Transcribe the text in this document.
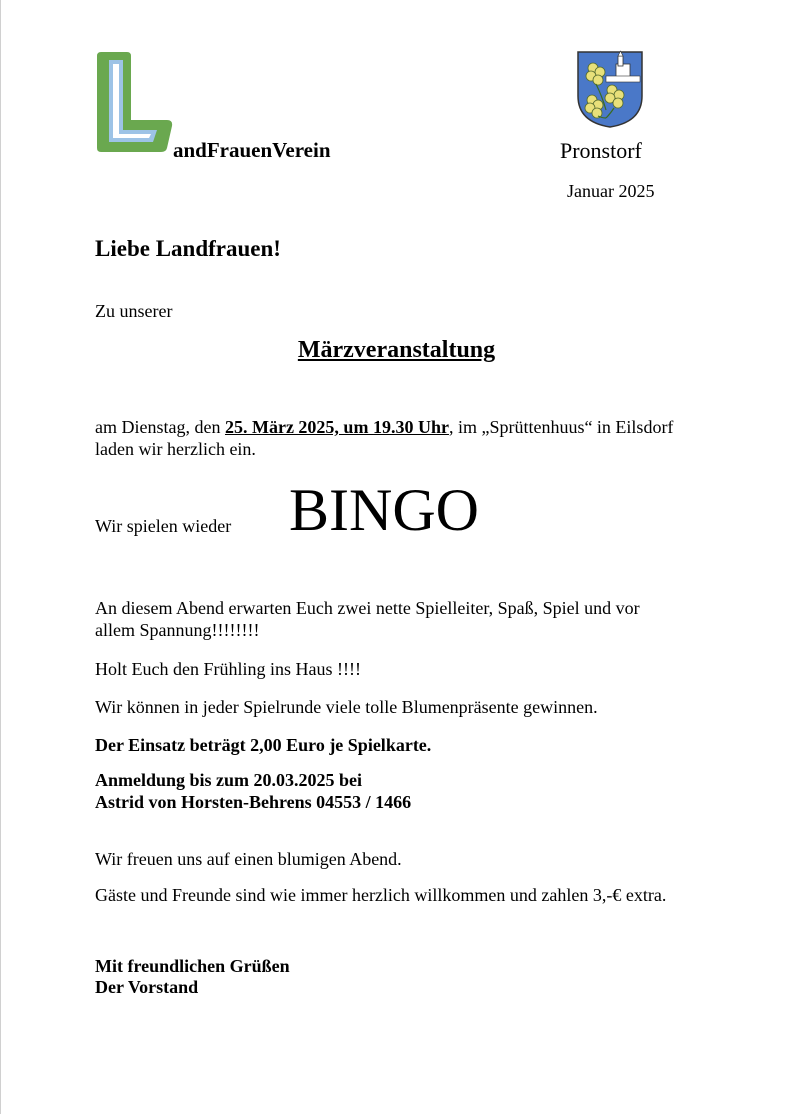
andFrauenVerein	Pronstorf

Januar 2025

Liebe Landfrauen!

Zu unserer

Märzveranstaltung

am Dienstag, den 25. März 2025, um 19.30 Uhr, im „Sprüttenhuus“ in Eilsdorf

laden wir herzlich ein.

Wir spielen wieder BINGO

An diesem Abend erwarten Euch zwei nette Spielleiter, Spaß, Spiel und vor

allem Spannung!!!!!!!!

Holt Euch den Frühling ins Haus !!!!

Wir können in jeder Spielrunde viele tolle Blumenpräsente gewinnen.

Der Einsatz beträgt 2,00 Euro je Spielkarte.

Anmeldung bis zum 20.03.2025 bei

Astrid von Horsten-Behrens 04553 / 1466

Wir freuen uns auf einen blumigen Abend.

Gäste und Freunde sind wie immer herzlich willkommen und zahlen 3,-€ extra.

Mit freundlichen Grüßen

Der Vorstand
